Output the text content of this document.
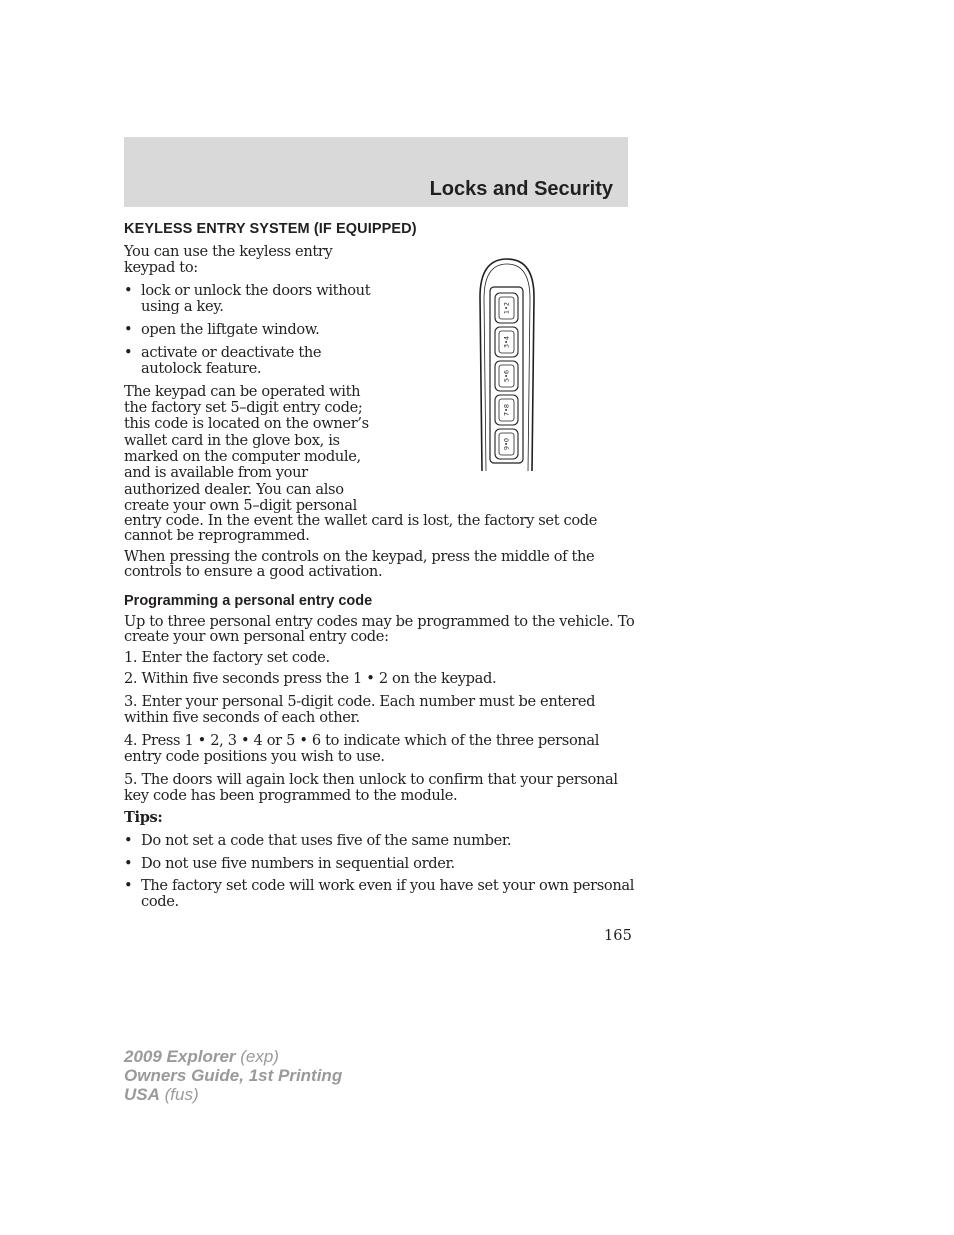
Locks and Security
KEYLESS ENTRY SYSTEM (IF EQUIPPED)
You can use the keyless entry
keypad to:
• lock or unlock the doors without
using a key.
• open the liftgate window.
• activate or deactivate the
autolock feature.
The keypad can be operated with
the factory set 5–digit entry code;
this code is located on the owner’s
wallet card in the glove box, is
marked on the computer module,
and is available from your
authorized dealer. You can also
create your own 5–digit personal
entry code. In the event the wallet card is lost, the factory set code
cannot be reprogrammed.
When pressing the controls on the keypad, press the middle of the
controls to ensure a good activation.
Programming a personal entry code
Up to three personal entry codes may be programmed to the vehicle. To
create your own personal entry code:
1. Enter the factory set code.
2. Within five seconds press the 1 • 2 on the keypad.
3. Enter your personal 5-digit code. Each number must be entered
within five seconds of each other.
4. Press 1 • 2, 3 • 4 or 5 • 6 to indicate which of the three personal
entry code positions you wish to use.
5. The doors will again lock then unlock to confirm that your personal
key code has been programmed to the module.
Tips:
• Do not set a code that uses five of the same number.
• Do not use five numbers in sequential order.
• The factory set code will work even if you have set your own personal
code.
1•2
3•4
5•6
7•8
9•0
165
2009 Explorer (exp)
Owners Guide, 1st Printing
USA (fus)
